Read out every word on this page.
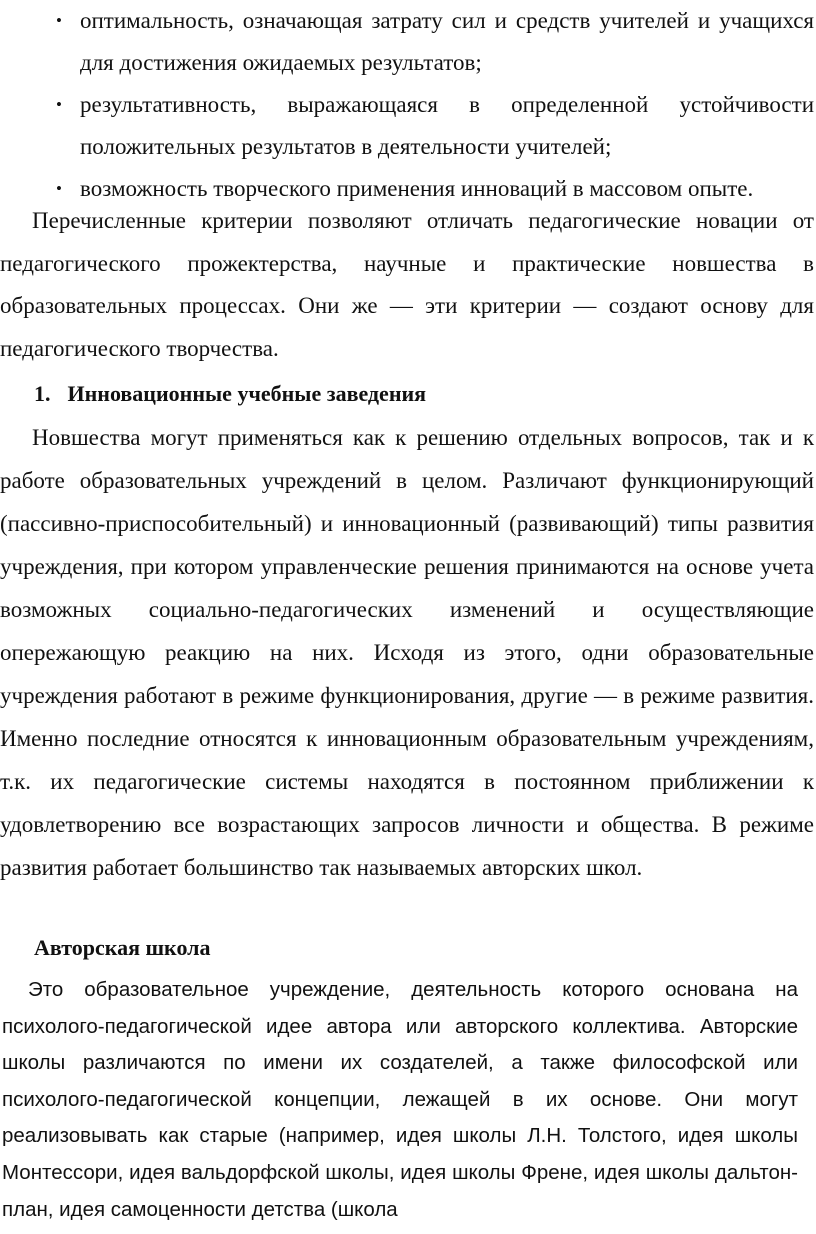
• оптимальность, означающая затрату сил и средств учителей и учащихся для достижения ожидаемых результатов;
• результативность, выражающаяся в определенной устойчивости положительных результатов в деятельности учителей;
• возможность творческого применения инноваций в массовом опыте.

Перечисленные критерии позволяют отличать педагогические новации от педагогического прожектерства, научные и практические новшества в образовательных процессах. Они же — эти критерии — создают основу для педагогического творчества.

1. Инновационные учебные заведения

Новшества могут применяться как к решению отдельных вопросов, так и к работе образовательных учреждений в целом. Различают функционирующий (пассивно-приспособительный) и инновационный (развивающий) типы развития учреждения, при котором управленческие решения принимаются на основе учета возможных социально-педагогических изменений и осуществляющие опережающую реакцию на них. Исходя из этого, одни образовательные учреждения работают в режиме функционирования, другие — в режиме развития. Именно последние относятся к инновационным образовательным учреждениям, т.к. их педагогические системы находятся в постоянном приближении к удовлетворению все возрастающих запросов личности и общества. В режиме развития работает большинство так называемых авторских школ.

Авторская школа

Это образовательное учреждение, деятельность которого основана на психолого-педагогической идее автора или авторского коллектива. Авторские школы различаются по имени их создателей, а также философской или психолого-педагогической концепции, лежащей в их основе. Они могут реализовывать как старые (например, идея школы Л.Н. Толстого, идея школы Монтессори, идея вальдорфской школы, идея школы Френе, идея школы дальтон-план, идея самоценности детства (школа
